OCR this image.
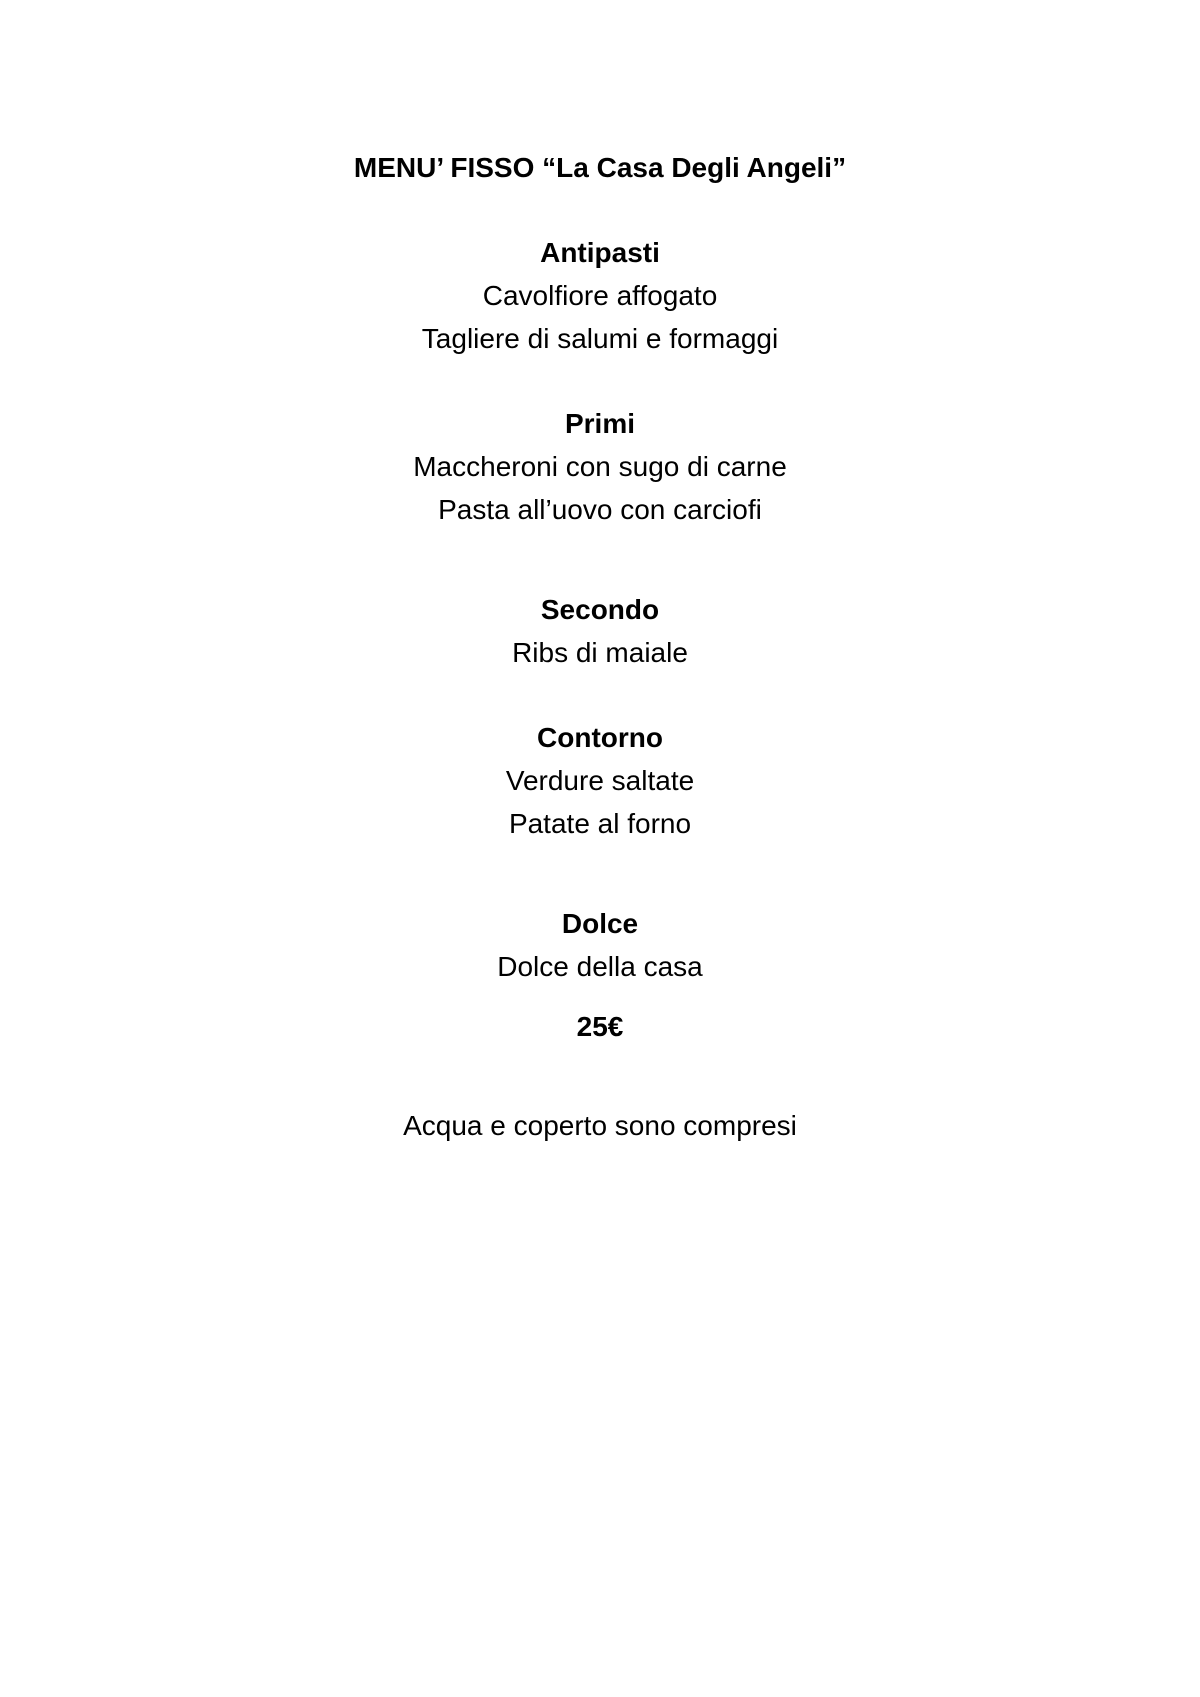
MENU’ FISSO “La Casa Degli Angeli”
Antipasti
Cavolfiore affogato
Tagliere di salumi e formaggi
Primi
Maccheroni con sugo di carne
Pasta all’uovo con carciofi
Secondo
Ribs di maiale
Contorno
Verdure saltate
Patate al forno
Dolce
Dolce della casa
25€
Acqua e coperto sono compresi
